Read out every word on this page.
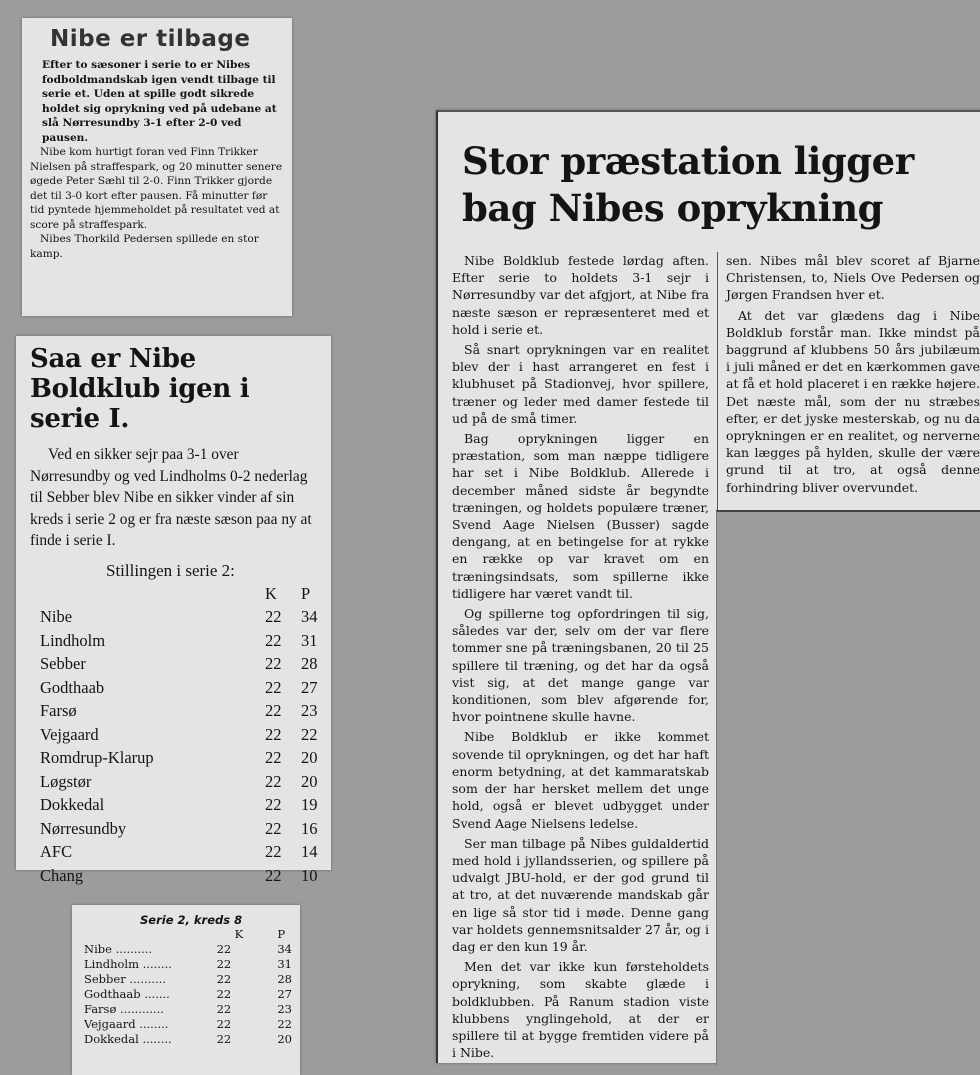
Nibe er tilbage

Efter to sæsoner i serie to er Nibes fodboldmandskab igen vendt tilbage til serie et. Uden at spille godt sikrede holdet sig oprykning ved på udebane at slå Nørresundby 3-1 efter 2-0 ved pausen.

Nibe kom hurtigt foran ved Finn Trikker Nielsen på straffespark, og 20 minutter senere øgede Peter Sæhl til 2-0. Finn Trikker gjorde det til 3-0 kort efter pausen. Få minutter før tid pyntede hjemmeholdet på resultatet ved at score på straffespark.

Nibes Thorkild Pedersen spillede en stor kamp.

Saa er Nibe Boldklub igen i serie I.

Ved en sikker sejr paa 3-1 over Nørresundby og ved Lindholms 0-2 nederlag til Sebber blev Nibe en sikker vinder af sin kreds i serie 2 og er fra næste sæson paa ny at finde i serie I.

Stillingen i serie 2:

	K	P
Nibe	22	34
Lindholm	22	31
Sebber	22	28
Godthaab	22	27
Farsø	22	23
Vejgaard	22	22
Romdrup-Klarup	22	20
Løgstør	22	20
Dokkedal	22	19
Nørresundby	22	16
AFC	22	14
Chang	22	10

Serie 2, kreds 8

	K	P
Nibe ..........	22	34
Lindholm ........	22	31
Sebber ..........	22	28
Godthaab .......	22	27
Farsø ............	22	23
Vejgaard ........	22	22
Dokkedal ........	22	20
Stor præstation ligger bag Nibes oprykning

Nibe Boldklub festede lørdag aften. Efter serie to holdets 3-1 sejr i Nørresundby var det afgjort, at Nibe fra næste sæson er repræsenteret med et hold i serie et.

Så snart oprykningen var en realitet blev der i hast arrangeret en fest i klubhuset på Stadionvej, hvor spillere, træner og leder med damer festede til ud på de små timer.

Bag oprykningen ligger en præstation, som man næppe tidligere har set i Nibe Boldklub. Allerede i december måned sidste år begyndte træningen, og holdets populære træner, Svend Aage Nielsen (Busser) sagde dengang, at en betingelse for at rykke en række op var kravet om en træningsindsats, som spillerne ikke tidligere har været vandt til.

Og spillerne tog opfordringen til sig, således var der, selv om der var flere tommer sne på træningsbanen, 20 til 25 spillere til træning, og det har da også vist sig, at det mange gange var konditionen, som blev afgørende for, hvor pointnene skulle havne.

Nibe Boldklub er ikke kommet sovende til oprykningen, og det har haft enorm betydning, at det kammaratskab som der har hersket mellem det unge hold, også er blevet udbygget under Svend Aage Nielsens ledelse.

Ser man tilbage på Nibes guldaldertid med hold i jyllandsserien, og spillere på udvalgt JBU-hold, er der god grund til at tro, at det nuværende mandskab går en lige så stor tid i møde. Denne gang var holdets gennemsnitsalder 27 år, og i dag er den kun 19 år.

Men det var ikke kun førsteholdets oprykning, som skabte glæde i boldklubben. På Ranum stadion viste klubbens ynglingehold, at der er spillere til at bygge fremtiden videre på i Nibe.

sen. Nibes mål blev scoret af Bjarne Christensen, to, Niels Ove Pedersen og Jørgen Frandsen hver et.

At det var glædens dag i Nibe Boldklub forstår man. Ikke mindst på baggrund af klubbens 50 års jubilæum i juli måned er det en kærkommen gave at få et hold placeret i en række højere. Det næste mål, som der nu stræbes efter, er det jyske mesterskab, og nu da oprykningen er en realitet, og nerverne kan lægges på hylden, skulle der være grund til at tro, at også denne forhindring bliver overvundet.
